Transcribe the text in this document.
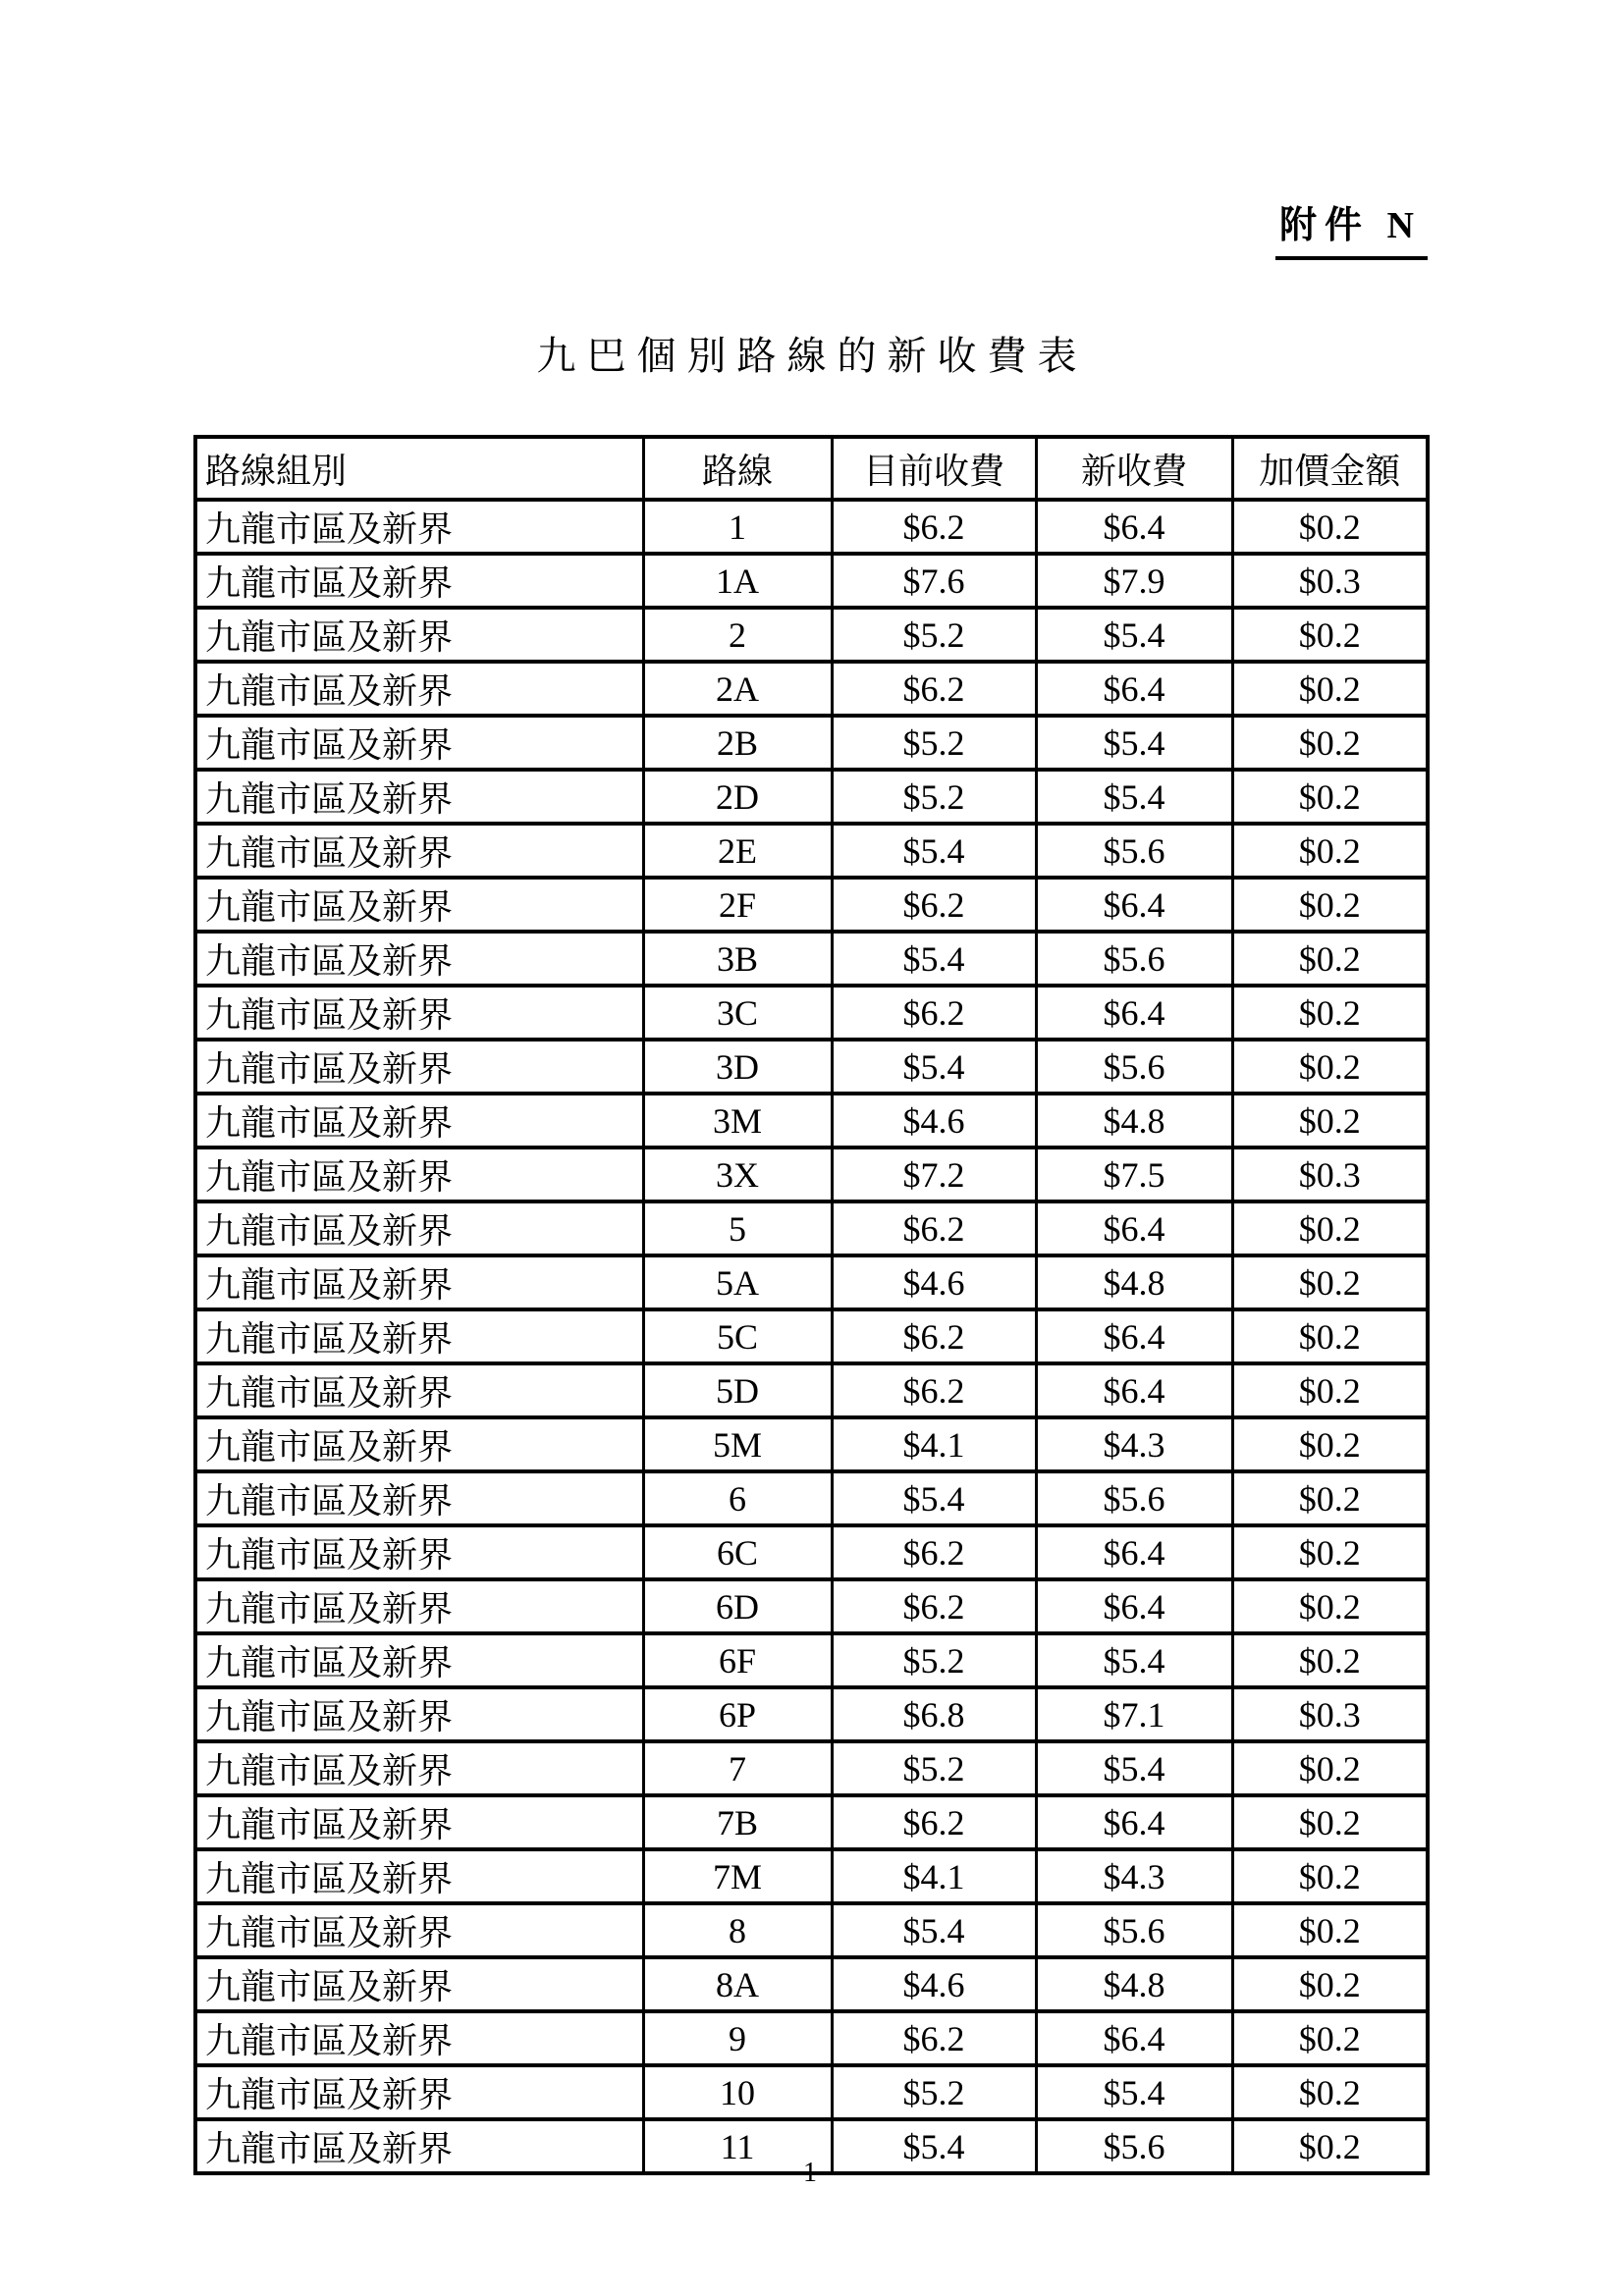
附件 N
九巴個別路線的新收費表
路線組別	路線	目前收費	新收費	加價金額
九龍市區及新界	1	$6.2	$6.4	$0.2
九龍市區及新界	1A	$7.6	$7.9	$0.3
九龍市區及新界	2	$5.2	$5.4	$0.2
九龍市區及新界	2A	$6.2	$6.4	$0.2
九龍市區及新界	2B	$5.2	$5.4	$0.2
九龍市區及新界	2D	$5.2	$5.4	$0.2
九龍市區及新界	2E	$5.4	$5.6	$0.2
九龍市區及新界	2F	$6.2	$6.4	$0.2
九龍市區及新界	3B	$5.4	$5.6	$0.2
九龍市區及新界	3C	$6.2	$6.4	$0.2
九龍市區及新界	3D	$5.4	$5.6	$0.2
九龍市區及新界	3M	$4.6	$4.8	$0.2
九龍市區及新界	3X	$7.2	$7.5	$0.3
九龍市區及新界	5	$6.2	$6.4	$0.2
九龍市區及新界	5A	$4.6	$4.8	$0.2
九龍市區及新界	5C	$6.2	$6.4	$0.2
九龍市區及新界	5D	$6.2	$6.4	$0.2
九龍市區及新界	5M	$4.1	$4.3	$0.2
九龍市區及新界	6	$5.4	$5.6	$0.2
九龍市區及新界	6C	$6.2	$6.4	$0.2
九龍市區及新界	6D	$6.2	$6.4	$0.2
九龍市區及新界	6F	$5.2	$5.4	$0.2
九龍市區及新界	6P	$6.8	$7.1	$0.3
九龍市區及新界	7	$5.2	$5.4	$0.2
九龍市區及新界	7B	$6.2	$6.4	$0.2
九龍市區及新界	7M	$4.1	$4.3	$0.2
九龍市區及新界	8	$5.4	$5.6	$0.2
九龍市區及新界	8A	$4.6	$4.8	$0.2
九龍市區及新界	9	$6.2	$6.4	$0.2
九龍市區及新界	10	$5.2	$5.4	$0.2
九龍市區及新界	11	$5.4	$5.6	$0.2
– 1 –
